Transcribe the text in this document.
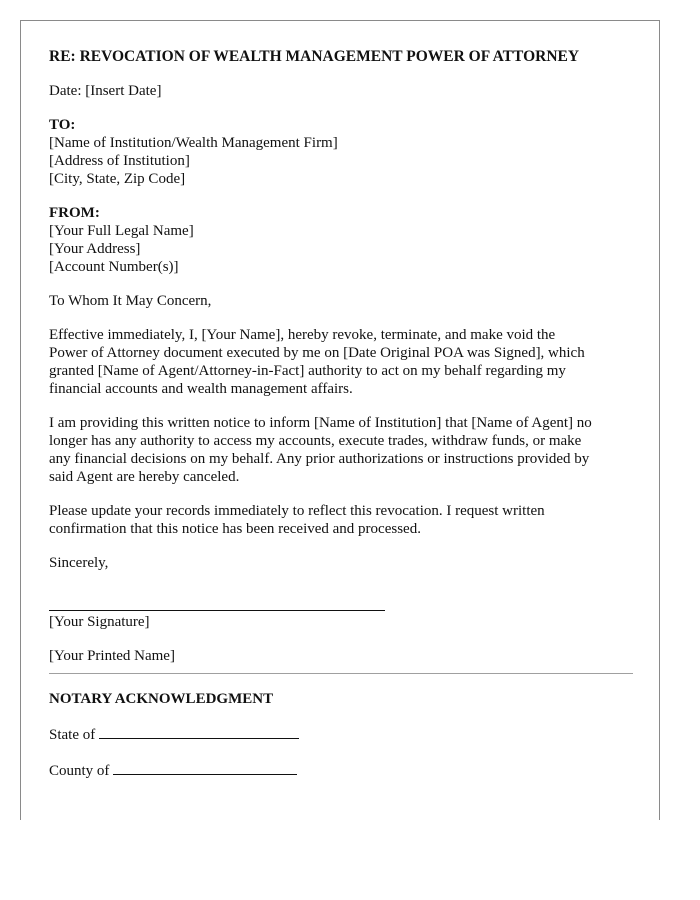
RE: REVOCATION OF WEALTH MANAGEMENT POWER OF ATTORNEY
Date: [Insert Date]
TO:
[Name of Institution/Wealth Management Firm]
[Address of Institution]
[City, State, Zip Code]
FROM:
[Your Full Legal Name]
[Your Address]
[Account Number(s)]

To Whom It May Concern,

Effective immediately, I, [Your Name], hereby revoke, terminate, and make void the
Power of Attorney document executed by me on [Date Original POA was Signed], which
granted [Name of Agent/Attorney-in-Fact] authority to act on my behalf regarding my
financial accounts and wealth management affairs.

I am providing this written notice to inform [Name of Institution] that [Name of Agent] no
longer has any authority to access my accounts, execute trades, withdraw funds, or make
any financial decisions on my behalf. Any prior authorizations or instructions provided by
said Agent are hereby canceled.

Please update your records immediately to reflect this revocation. I request written
confirmation that this notice has been received and processed.

Sincerely,
[Your Signature]
[Your Printed Name]
NOTARY ACKNOWLEDGMENT
State of
County of
